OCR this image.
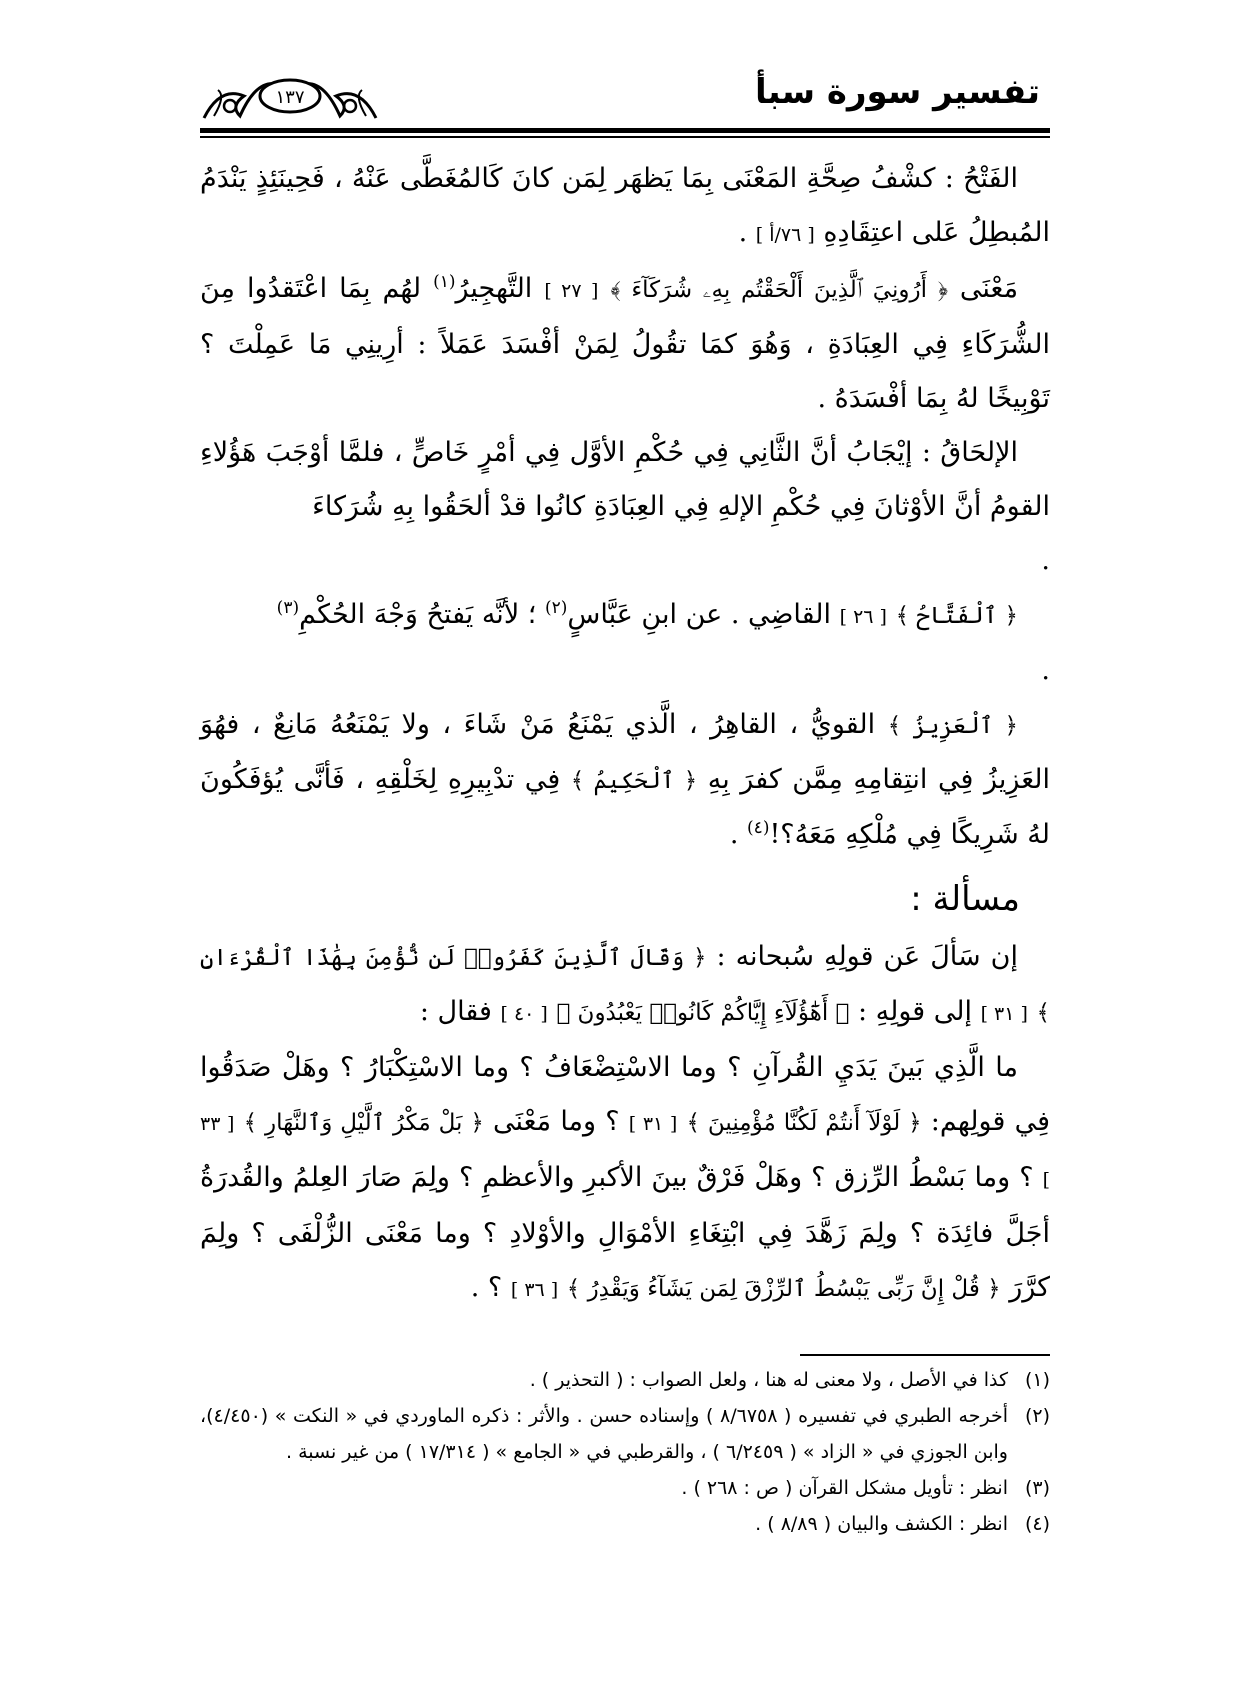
تفسير سورة سبأ
١٣٧

الفَتْحُ : كشْفُ صِحَّةِ المَعْنَى بِمَا يَظهَر لِمَن كانَ كَالمُغَطَّى عَنْهُ ، فَحِينَئِذٍ يَنْدَمُ المُبطِلُ عَلى اعتِقَادِهِ [ ٧٦/أ ] .

مَعْنَى ﴿ أَرُونِيَ ٱلَّذِينَ أَلْحَقْتُم بِهِۦ شُرَكَآءَ ﴾ [ ٢٧ ] التَّهجِيرُ$^{(١)}$ لهُم بِمَا اعْتَقدُوا مِنَ الشُّرَكَاءِ فِي العِبَادَةِ ، وَهُوَ كمَا تقُولُ لِمَنْ أفْسَدَ عَمَلاً : أرِينِي مَا عَمِلْتَ ؟ تَوْبِيخًا لهُ بِمَا أفْسَدَهُ .

الإلحَاقُ : إيْجَابُ أنَّ الثَّانِي فِي حُكْمِ الأوَّل فِي أمْرٍ خَاصٍّ ، فلمَّا أوْجَبَ هَؤُلاءِ القومُ أنَّ الأوْثانَ فِي حُكْمِ الإلهِ فِي العِبَادَةِ كانُوا قدْ ألحَقُوا بِهِ شُرَكاءَ

.

﴿ ٱلْفَتَّاحُ ﴾ [ ٢٦ ] القاضِي . عن ابنِ عَبَّاسٍ$^{(٢)}$ ؛ لأنَّه يَفتحُ وَجْهَ الحُكْمِ$^{(٣)}$

.

﴿ ٱلْعَزِيزُ ﴾ القويُّ ، القاهِرُ ، الَّذي يَمْنَعُ مَنْ شَاءَ ، ولا يَمْنَعُهُ مَانِعٌ ، فهُوَ العَزِيزُ فِي انتِقامِهِ مِمَّن كفرَ بِهِ ﴿ ٱلْحَكِيمُ ﴾ فِي تدْبِيرِهِ لِخَلْقِهِ ، فَأنَّى يُؤفَكُونَ لهُ شَرِيكًا فِي مُلْكِهِ مَعَهُ؟!$^{(٤)}$ .

مسألة :

إن سَألَ عَن قولِهِ سُبحانه : ﴿ وَقَالَ ٱلَّذِينَ كَفَرُوا۟ لَن نُّؤْمِنَ بِهَٰذَا ٱلْقُرْءَانِ ﴾ [ ٣١ ] إلى قولِهِ : ﴿ أَهَٰٓؤُلَآءِ إِيَّاكُمْ كَانُوا۟ يَعْبُدُونَ ﴾ [ ٤٠ ] فقال :

ما الَّذِي بَينَ يَدَيِ القُرآنِ ؟ وما الاسْتِضْعَافُ ؟ وما الاسْتِكْبَارُ ؟ وهَلْ صَدَقُوا فِي قولِهم: ﴿ لَوْلَآ أَنتُمْ لَكُنَّا مُؤْمِنِينَ ﴾ [ ٣١ ] ؟ وما مَعْنَى ﴿ بَلْ مَكْرُ ٱلَّيْلِ وَٱلنَّهَارِ ﴾ [ ٣٣ ] ؟ وما بَسْطُ الرِّزق ؟ وهَلْ فَرْقٌ بينَ الأكبرِ والأعظمِ ؟ ولِمَ صَارَ العِلمُ والقُدرَةُ أجَلَّ فائِدَة ؟ ولِمَ زَهَّدَ فِي ابْتِغَاءِ الأمْوَالِ والأوْلادِ ؟ وما مَعْنَى الزُّلْفَى ؟ ولِمَ كرَّرَ ﴿ قُلْ إِنَّ رَبِّى يَبْسُطُ ٱلرِّزْقَ لِمَن يَشَآءُ وَيَقْدِرُ ﴾ [ ٣٦ ] ؟ .

(١)
كذا في الأصل ، ولا معنى له هنا ، ولعل الصواب : ( التحذير ) .
(٢)
أخرجه الطبري في تفسيره ( ٨/٦٧٥٨ ) وإسناده حسن . والأثر : ذكره الماوردي في « النكت » (٤/٤٥٠)، وابن الجوزي في « الزاد » ( ٦/٢٤٥٩ ) ، والقرطبي في « الجامع » ( ١٧/٣١٤ ) من غير نسبة .
(٣)
انظر : تأويل مشكل القرآن ( ص : ٢٦٨ ) .
(٤)
انظر : الكشف والبيان ( ٨/٨٩ ) .
